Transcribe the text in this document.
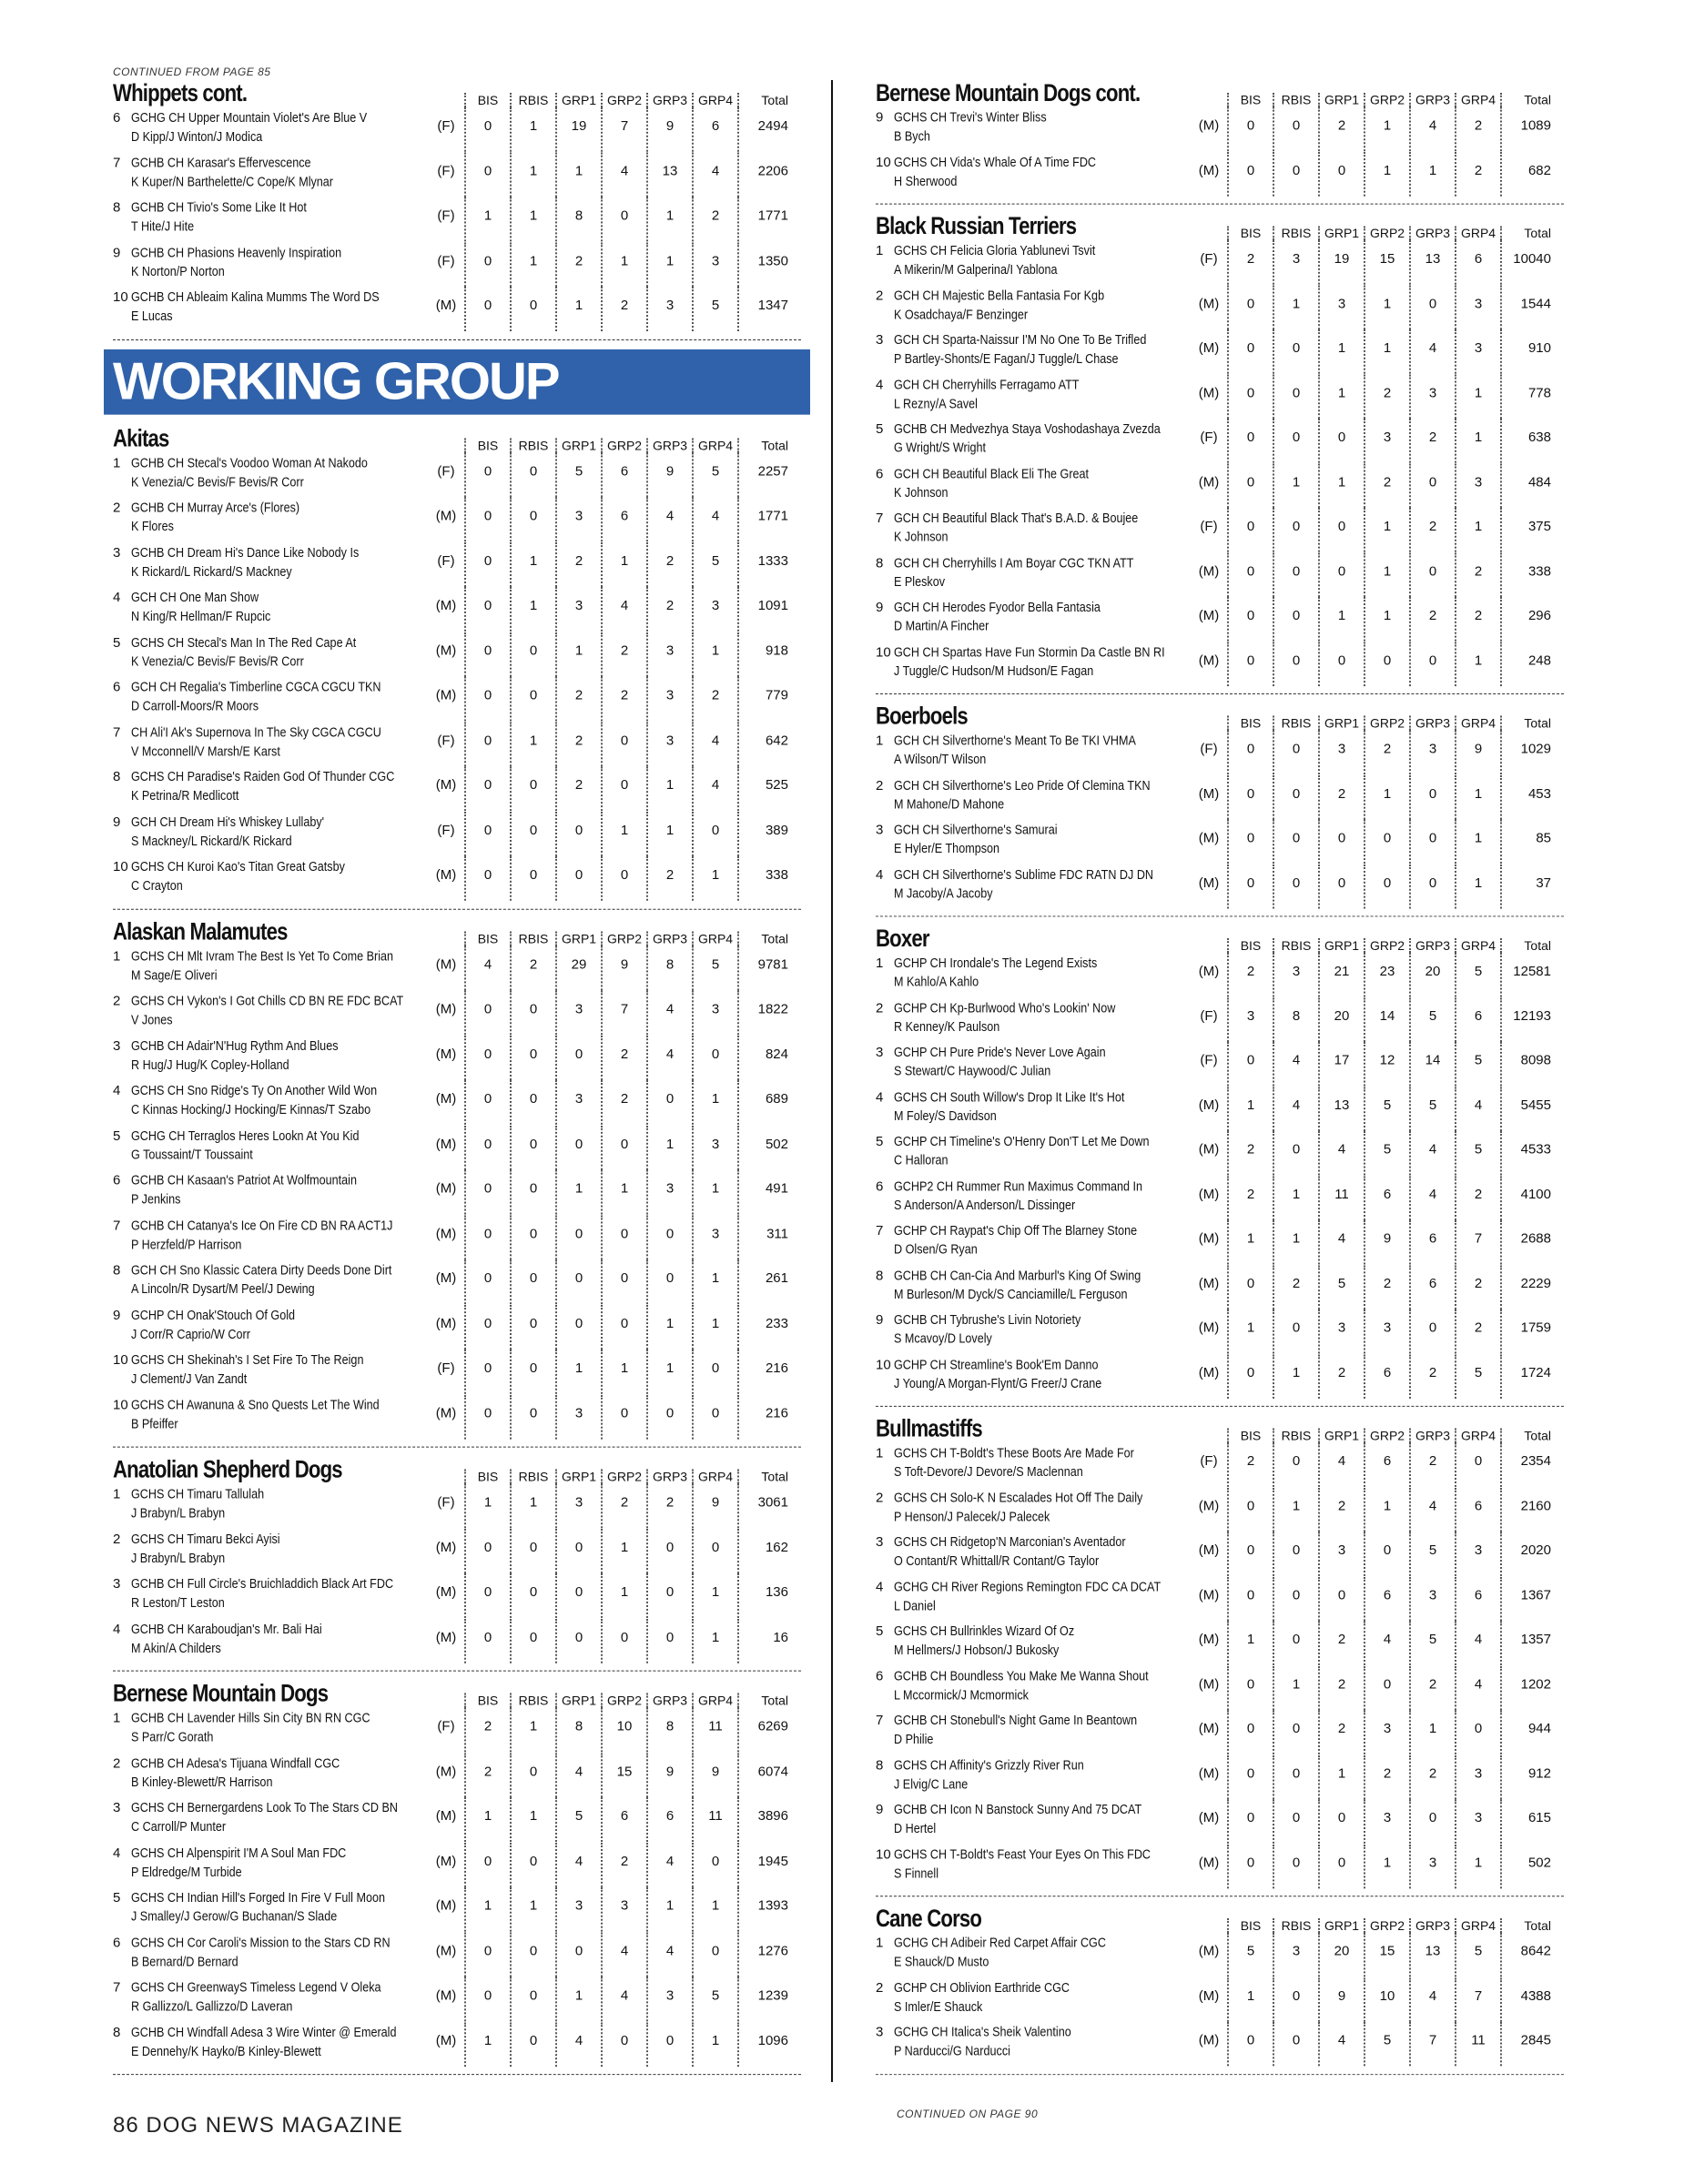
CONTINUED FROM PAGE 85
Whippets cont.	BIS	RBIS	GRP1 GRP2 GRP3 GRP4	Total
6 GCHG CH Upper Mountain Violet's Are Blue V
D Kipp/J Winton/J Modica
(F)	0	1	19	7	9	6	2494
7 GCHB CH Karasar's Effervescence
K Kuper/N Barthelette/C Cope/K Mlynar
(F)	0	1	1	4	13	4	2206
8 GCHB CH Tivio's Some Like It Hot
T Hite/J Hite
(F)	1	1	8	0	1	2	1771
9 GCHB CH Phasions Heavenly Inspiration
K Norton/P Norton
(F)	0	1	2	1	1	3	1350
10 GCHB CH Ableaim Kalina Mumms The Word DS
E Lucas
(M)	0	0	1	2	3	5	1347
WORKING GROUP
Akitas	BIS	RBIS	GRP1 GRP2 GRP3 GRP4	Total
1 GCHB CH Stecal's Voodoo Woman At Nakodo
K Venezia/C Bevis/F Bevis/R Corr
(F)	0	0	5	6	9	5	2257
2 GCHB CH Murray Arce's (Flores)
K Flores
(M)	0	0	3	6	4	4	1771
3 GCHB CH Dream Hi's Dance Like Nobody Is
K Rickard/L Rickard/S Mackney
(F)	0	1	2	1	2	5	1333
4 GCH CH One Man Show
N King/R Hellman/F Rupcic
(M)	0	1	3	4	2	3	1091
5 GCHS CH Stecal's Man In The Red Cape At
K Venezia/C Bevis/F Bevis/R Corr
(M)	0	0	1	2	3	1	918
6 GCH CH Regalia's Timberline CGCA CGCU TKN
D Carroll-Moors/R Moors
(M)	0	0	2	2	3	2	779
7 CH Ali'I Ak's Supernova In The Sky CGCA CGCU
V Mcconnell/V Marsh/E Karst
(F)	0	1	2	0	3	4	642
8 GCHS CH Paradise's Raiden God Of Thunder CGC
K Petrina/R Medlicott
(M)	0	0	2	0	1	4	525
9 GCH CH Dream Hi's Whiskey Lullaby'
S Mackney/L Rickard/K Rickard
(F)	0	0	0	1	1	0	389
10 GCHS CH Kuroi Kao's Titan Great Gatsby
C Crayton
(M)	0	0	0	0	2	1	338
Alaskan Malamutes	BIS	RBIS	GRP1 GRP2 GRP3 GRP4	Total
1 GCHS CH Mlt Ivram The Best Is Yet To Come Brian
M Sage/E Oliveri
(M)	4	2	29	9	8	5	9781
2 GCHS CH Vykon's I Got Chills CD BN RE FDC BCAT
V Jones
(M)	0	0	3	7	4	3	1822
3 GCHB CH Adair'N'Hug Rythm And Blues
R Hug/J Hug/K Copley-Holland
(M)	0	0	0	2	4	0	824
4 GCHS CH Sno Ridge's Ty On Another Wild Won
C Kinnas Hocking/J Hocking/E Kinnas/T Szabo
(M)	0	0	3	2	0	1	689
5 GCHG CH Terraglos Heres Lookn At You Kid
G Toussaint/T Toussaint
(M)	0	0	0	0	1	3	502
6 GCHB CH Kasaan's Patriot At Wolfmountain
P Jenkins
(M)	0	0	1	1	3	1	491
7 GCHB CH Catanya's Ice On Fire CD BN RA ACT1J
P Herzfeld/P Harrison
(M)	0	0	0	0	0	3	311
8 GCH CH Sno Klassic Catera Dirty Deeds Done Dirt
A Lincoln/R Dysart/M Peel/J Dewing
(M)	0	0	0	0	0	1	261
9 GCHP CH Onak'Stouch Of Gold
J Corr/R Caprio/W Corr
(M)	0	0	0	0	1	1	233
10 GCHS CH Shekinah's I Set Fire To The Reign
J Clement/J Van Zandt
(F)	0	0	1	1	1	0	216
10 GCHS CH Awanuna & Sno Quests Let The Wind
B Pfeiffer
(M)	0	0	3	0	0	0	216
Anatolian Shepherd Dogs	BIS	RBIS	GRP1 GRP2 GRP3 GRP4	Total
1 GCHS CH Timaru Tallulah
J Brabyn/L Brabyn
(F)	1	1	3	2	2	9	3061
2 GCHS CH Timaru Bekci Ayisi
J Brabyn/L Brabyn
(M)	0	0	0	1	0	0	162
3 GCHB CH Full Circle's Bruichladdich Black Art FDC
R Leston/T Leston
(M)	0	0	0	1	0	1	136
4 GCHB CH Karaboudjan's Mr. Bali Hai
M Akin/A Childers
(M)	0	0	0	0	0	1	16
Bernese Mountain Dogs	BIS	RBIS	GRP1 GRP2 GRP3 GRP4	Total
1 GCHB CH Lavender Hills Sin City BN RN CGC
S Parr/C Gorath
(F)	2	1	8	10	8	11	6269
2 GCHB CH Adesa's Tijuana Windfall CGC
B Kinley-Blewett/R Harrison
(M)	2	0	4	15	9	9	6074
3 GCHS CH Bernergardens Look To The Stars CD BN
C Carroll/P Munter
(M)	1	1	5	6	6	11	3896
4 GCHS CH Alpenspirit I'M A Soul Man FDC
P Eldredge/M Turbide
(M)	0	0	4	2	4	0	1945
5 GCHS CH Indian Hill's Forged In Fire V Full Moon
J Smalley/J Gerow/G Buchanan/S Slade
(M)	1	1	3	3	1	1	1393
6 GCHS CH Cor Caroli's Mission to the Stars CD RN
B Bernard/D Bernard
(M)	0	0	0	4	4	0	1276
7 GCHS CH GreenwayS Timeless Legend V Oleka
R Gallizzo/L Gallizzo/D Laveran
(M)	0	0	1	4	3	5	1239
8 GCHB CH Windfall Adesa 3 Wire Winter @ Emerald
E Dennehy/K Hayko/B Kinley-Blewett
(M)	1	0	4	0	0	1	1096
Bernese Mountain Dogs cont.	BIS	RBIS	GRP1 GRP2 GRP3 GRP4	Total
9 GCHS CH Trevi's Winter Bliss
B Bych
(M)	0	0	2	1	4	2	1089
10 GCHS CH Vida's Whale Of A Time FDC
H Sherwood
(M)	0	0	0	1	1	2	682
Black Russian Terriers	BIS	RBIS	GRP1 GRP2 GRP3 GRP4	Total
1 GCHS CH Felicia Gloria Yablunevi Tsvit
A Mikerin/M Galperina/I Yablona
(F)	2	3	19	15	13	6	10040
2 GCH CH Majestic Bella Fantasia For Kgb
K Osadchaya/F Benzinger
(M)	0	1	3	1	0	3	1544
3 GCH CH Sparta-Naissur I'M No One To Be Trifled
P Bartley-Shonts/E Fagan/J Tuggle/L Chase
(M)	0	0	1	1	4	3	910
4 GCH CH Cherryhills Ferragamo ATT
L Rezny/A Savel
(M)	0	0	1	2	3	1	778
5 GCHB CH Medvezhya Staya Voshodashaya Zvezda
G Wright/S Wright
(F)	0	0	0	3	2	1	638
6 GCH CH Beautiful Black Eli The Great
K Johnson
(M)	0	1	1	2	0	3	484
7 GCH CH Beautiful Black That's B.A.D. & Boujee
K Johnson
(F)	0	0	0	1	2	1	375
8 GCH CH Cherryhills I Am Boyar CGC TKN ATT
E Pleskov
(M)	0	0	0	1	0	2	338
9 GCH CH Herodes Fyodor Bella Fantasia
D Martin/A Fincher
(M)	0	0	1	1	2	2	296
10 GCH CH Spartas Have Fun Stormin Da Castle BN RI
J Tuggle/C Hudson/M Hudson/E Fagan
(M)	0	0	0	0	0	1	248
Boerboels	BIS	RBIS	GRP1 GRP2 GRP3 GRP4	Total
1 GCH CH Silverthorne's Meant To Be TKI VHMA
A Wilson/T Wilson
(F)	0	0	3	2	3	9	1029
2 GCH CH Silverthorne's Leo Pride Of Clemina TKN
M Mahone/D Mahone
(M)	0	0	2	1	0	1	453
3 GCH CH Silverthorne's Samurai
E Hyler/E Thompson
(M)	0	0	0	0	0	1	85
4 GCH CH Silverthorne's Sublime FDC RATN DJ DN
M Jacoby/A Jacoby
(M)	0	0	0	0	0	1	37
Boxer	BIS	RBIS	GRP1 GRP2 GRP3 GRP4	Total
1 GCHP CH Irondale's The Legend Exists
M Kahlo/A Kahlo
(M)	2	3	21	23	20	5	12581
2 GCHP CH Kp-Burlwood Who's Lookin' Now
R Kenney/K Paulson
(F)	3	8	20	14	5	6	12193
3 GCHP CH Pure Pride's Never Love Again
S Stewart/C Haywood/C Julian
(F)	0	4	17	12	14	5	8098
4 GCHS CH South Willow's Drop It Like It's Hot
M Foley/S Davidson
(M)	1	4	13	5	5	4	5455
5 GCHP CH Timeline's O'Henry Don'T Let Me Down
C Halloran
(M)	2	0	4	5	4	5	4533
6 GCHP2 CH Rummer Run Maximus Command In
S Anderson/A Anderson/L Dissinger
(M)	2	1	11	6	4	2	4100
7 GCHP CH Raypat's Chip Off The Blarney Stone
D Olsen/G Ryan
(M)	1	1	4	9	6	7	2688
8 GCHB CH Can-Cia And Marburl's King Of Swing
M Burleson/M Dyck/S Canciamille/L Ferguson
(M)	0	2	5	2	6	2	2229
9 GCHB CH Tybrushe's Livin Notoriety
S Mcavoy/D Lovely
(M)	1	0	3	3	0	2	1759
10 GCHP CH Streamline's Book'Em Danno
J Young/A Morgan-Flynt/G Freer/J Crane
(M)	0	1	2	6	2	5	1724
Bullmastiffs	BIS	RBIS	GRP1 GRP2 GRP3 GRP4	Total
1 GCHS CH T-Boldt's These Boots Are Made For
S Toft-Devore/J Devore/S Maclennan
(F)	2	0	4	6	2	0	2354
2 GCHS CH Solo-K N Escalades Hot Off The Daily
P Henson/J Palecek/J Palecek
(M)	0	1	2	1	4	6	2160
3 GCHS CH Ridgetop'N Marconian's Aventador
O Contant/R Whittall/R Contant/G Taylor
(M)	0	0	3	0	5	3	2020
4 GCHG CH River Regions Remington FDC CA DCAT
L Daniel
(M)	0	0	0	6	3	6	1367
5 GCHS CH Bullrinkles Wizard Of Oz
M Hellmers/J Hobson/J Bukosky
(M)	1	0	2	4	5	4	1357
6 GCHB CH Boundless You Make Me Wanna Shout
L Mccormick/J Mcmormick
(M)	0	1	2	0	2	4	1202
7 GCHB CH Stonebull's Night Game In Beantown
D Philie
(M)	0	0	2	3	1	0	944
8 GCHS CH Affinity's Grizzly River Run
J Elvig/C Lane
(M)	0	0	1	2	2	3	912
9 GCHB CH Icon N Banstock Sunny And 75 DCAT
D Hertel
(M)	0	0	0	3	0	3	615
10 GCHS CH T-Boldt's Feast Your Eyes On This FDC
S Finnell
(M)	0	0	0	1	3	1	502
Cane Corso	BIS	RBIS	GRP1 GRP2 GRP3 GRP4	Total
1 GCHG CH Adibeir Red Carpet Affair CGC
E Shauck/D Musto
(M)	5	3	20	15	13	5	8642
2 GCHP CH Oblivion Earthride CGC
S Imler/E Shauck
(M)	1	0	9	10	4	7	4388
3 GCHG CH Italica's Sheik Valentino
P Narducci/G Narducci
(M)	0	0	4	5	7	11	2845
86 DOG NEWS MAGAZINE	CONTINUED ON PAGE 90
